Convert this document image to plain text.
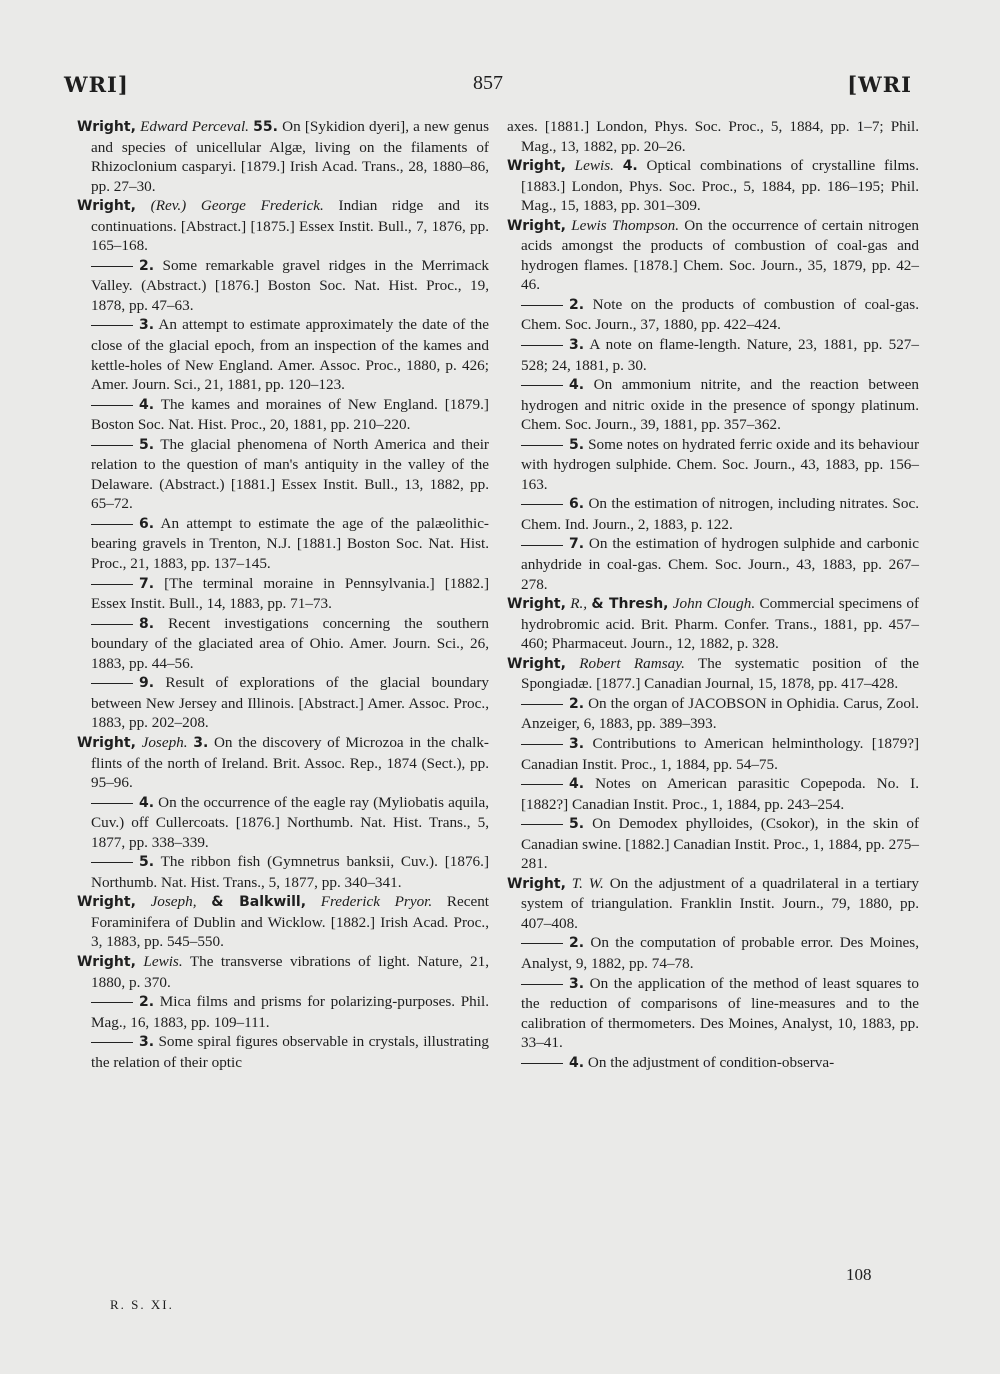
WRI]	857	[WRI

Wright, Edward Perceval. 55. On [Sykidion dyeri], a new genus and species of unicellular Algæ, living on the filaments of Rhizoclonium casparyi. [1879.] Irish Acad. Trans., 28, 1880–86, pp. 27–30.

Wright, (Rev.) George Frederick. Indian ridge and its continuations. [Abstract.] [1875.] Essex Instit. Bull., 7, 1876, pp. 165–168.

2. Some remarkable gravel ridges in the Merrimack Valley. (Abstract.) [1876.] Boston Soc. Nat. Hist. Proc., 19, 1878, pp. 47–63.

3. An attempt to estimate approximately the date of the close of the glacial epoch, from an inspection of the kames and kettle-holes of New England. Amer. Assoc. Proc., 1880, p. 426; Amer. Journ. Sci., 21, 1881, pp. 120–123.

4. The kames and moraines of New England. [1879.] Boston Soc. Nat. Hist. Proc., 20, 1881, pp. 210–220.

5. The glacial phenomena of North America and their relation to the question of man's antiquity in the valley of the Delaware. (Abstract.) [1881.] Essex Instit. Bull., 13, 1882, pp. 65–72.

6. An attempt to estimate the age of the palæolithic-bearing gravels in Trenton, N.J. [1881.] Boston Soc. Nat. Hist. Proc., 21, 1883, pp. 137–145.

7. [The terminal moraine in Pennsylvania.] [1882.] Essex Instit. Bull., 14, 1883, pp. 71–73.

8. Recent investigations concerning the southern boundary of the glaciated area of Ohio. Amer. Journ. Sci., 26, 1883, pp. 44–56.

9. Result of explorations of the glacial boundary between New Jersey and Illinois. [Abstract.] Amer. Assoc. Proc., 1883, pp. 202–208.

Wright, Joseph. 3. On the discovery of Microzoa in the chalk-flints of the north of Ireland. Brit. Assoc. Rep., 1874 (Sect.), pp. 95–96.

4. On the occurrence of the eagle ray (Myliobatis aquila, Cuv.) off Cullercoats. [1876.] Northumb. Nat. Hist. Trans., 5, 1877, pp. 338–339.

5. The ribbon fish (Gymnetrus banksii, Cuv.). [1876.] Northumb. Nat. Hist. Trans., 5, 1877, pp. 340–341.

Wright, Joseph, & Balkwill, Frederick Pryor. Recent Foraminifera of Dublin and Wicklow. [1882.] Irish Acad. Proc., 3, 1883, pp. 545–550.

Wright, Lewis. The transverse vibrations of light. Nature, 21, 1880, p. 370.

2. Mica films and prisms for polarizing-purposes. Phil. Mag., 16, 1883, pp. 109–111.

3. Some spiral figures observable in crystals, illustrating the relation of their optic

axes. [1881.] London, Phys. Soc. Proc., 5, 1884, pp. 1–7; Phil. Mag., 13, 1882, pp. 20–26.

Wright, Lewis. 4. Optical combinations of crystalline films. [1883.] London, Phys. Soc. Proc., 5, 1884, pp. 186–195; Phil. Mag., 15, 1883, pp. 301–309.

Wright, Lewis Thompson. On the occurrence of certain nitrogen acids amongst the products of combustion of coal-gas and hydrogen flames. [1878.] Chem. Soc. Journ., 35, 1879, pp. 42–46.

2. Note on the products of combustion of coal-gas. Chem. Soc. Journ., 37, 1880, pp. 422–424.

3. A note on flame-length. Nature, 23, 1881, pp. 527–528; 24, 1881, p. 30.

4. On ammonium nitrite, and the reaction between hydrogen and nitric oxide in the presence of spongy platinum. Chem. Soc. Journ., 39, 1881, pp. 357–362.

5. Some notes on hydrated ferric oxide and its behaviour with hydrogen sulphide. Chem. Soc. Journ., 43, 1883, pp. 156–163.

6. On the estimation of nitrogen, including nitrates. Soc. Chem. Ind. Journ., 2, 1883, p. 122.

7. On the estimation of hydrogen sulphide and carbonic anhydride in coal-gas. Chem. Soc. Journ., 43, 1883, pp. 267–278.

Wright, R., & Thresh, John Clough. Commercial specimens of hydrobromic acid. Brit. Pharm. Confer. Trans., 1881, pp. 457–460; Pharmaceut. Journ., 12, 1882, p. 328.

Wright, Robert Ramsay. The systematic position of the Spongiadæ. [1877.] Canadian Journal, 15, 1878, pp. 417–428.

2. On the organ of JACOBSON in Ophidia. Carus, Zool. Anzeiger, 6, 1883, pp. 389–393.

3. Contributions to American helminthology. [1879?] Canadian Instit. Proc., 1, 1884, pp. 54–75.

4. Notes on American parasitic Copepoda. No. I. [1882?] Canadian Instit. Proc., 1, 1884, pp. 243–254.

5. On Demodex phylloides, (Csokor), in the skin of Canadian swine. [1882.] Canadian Instit. Proc., 1, 1884, pp. 275–281.

Wright, T. W. On the adjustment of a quadrilateral in a tertiary system of triangulation. Franklin Instit. Journ., 79, 1880, pp. 407–408.

2. On the computation of probable error. Des Moines, Analyst, 9, 1882, pp. 74–78.

3. On the application of the method of least squares to the reduction of comparisons of line-measures and to the calibration of thermometers. Des Moines, Analyst, 10, 1883, pp. 33–41.

4. On the adjustment of condition-observa-

R. S. XI.
108
